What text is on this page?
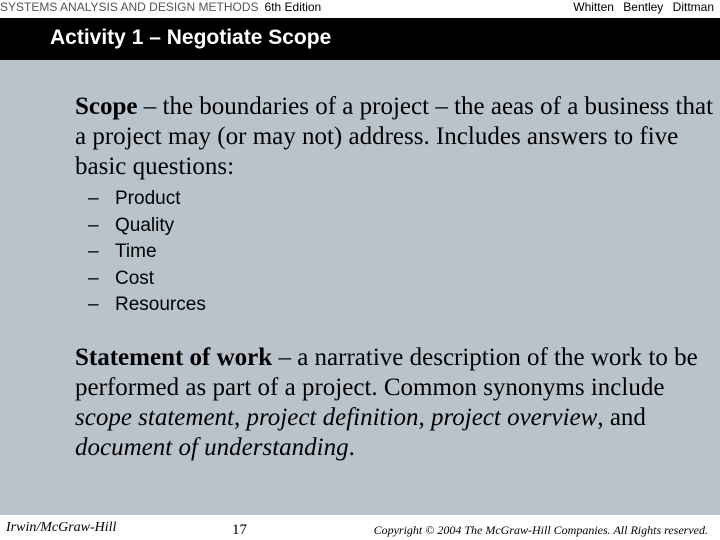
SYSTEMS ANALYSIS AND DESIGN METHODS 6th Edition	Whitten Bentley Dittman
Activity 1 – Negotiate Scope
Scope – the boundaries of a project – the aeas of a business that a project may (or may not) address. Includes answers to five basic questions:
– Product
– Quality
– Time
– Cost
– Resources
Statement of work – a narrative description of the work to be performed as part of a project. Common synonyms include scope statement, project definition, project overview, and document of understanding.
Irwin/McGraw-Hill	17	Copyright © 2004 The McGraw-Hill Companies. All Rights reserved.
